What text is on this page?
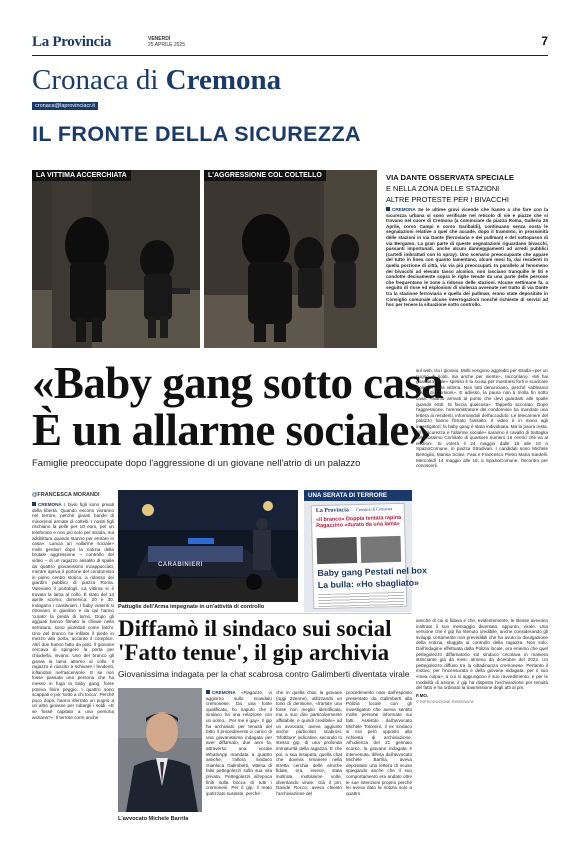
La Provincia	VENERDÌ
25 APRILE 2025	7
Cronaca di Cremona
cronaca@laprovinciacr.it
IL FRONTE DELLA SICUREZZA
LA VITTIMA ACCERCHIATA	L'AGGRESSIONE COL COLTELLO	VIA DANTE OSSERVATA SPECIALE
E NELLA ZONA DELLE STAZIONI
ALTRE PROTESTE PER I BIVACCHI
CREMONA Se le ultime gravi vicende che hanno a che fare con la sicurezza urbana si sono verificate nel reticolo di vie e piazze che si trovano nel cuore di Cremona (a cominciare da piazza Roma, Galleria 25 Aprile, corso Campi e corso Garibaldi), continuano senza sosta le segnalazioni relative a quel che accade, dopo il tramonto, in prossimità delle stazioni in via Dante (ferroviaria e dei pullman) e del sottopasso di via Bergamo. La gran parte di queste segnalazioni riguardano bivacchi, passanti importunati, anche alcuni danneggiamenti ad arredi pubblici (cartelli imbrattati con lo spray). Uno scenario preoccupante che appare del tutto in linea con quanto lamentano, alcuni mesi fa, dai residenti in quella porzione di città, via via più preoccupati. In parallelo al fenomeno dei bivacchi ad elevato tasso alcolico, non lasciano tranquille le liti e condotte decisamente sopra le righe tenute da una parte delle persone che frequentano le zone a ridosso delle stazioni. Alcune settimane fa, a seguito di risse ed esplosioni di violenza avvenute nel tratto di via Dante tra la stazione ferroviaria e quella dei pullman, erano state depositate in Consiglio comunale alcune interrogazioni nonché richieste di servizi ad hoc per tenere la situazione sotto controllo.
«Baby gang sotto casa
È un allarme sociale»
Famiglie preoccupate dopo l'aggressione di un giovane nell'atrio di un palazzo
@FRANCESCA MORANDI
CREMONA I bivio figli sono privati della libertà. Quando escono vivranno nel terrore, perché giranti bande di minorenni armate di coltelli. I nostri figli rischiano la pelle per 10 euro, per un telefonino e non più solo per strada, ma addirittura quando stanno per entrare in casa». Lancia un «allarme sociale» molti genitori dopo la notizia della brutale aggressione – controllo del video – di un ragazzo assalito di spalle da quattro giovanissimi incappucciati, mentre apriva il portone del condominio in pieno centro storico, a ridosso dei giardini pubblici di piazza Roma. Volevano il portafogli. La vittima si è trovato la lama al collo. È stato del 13 aprile scorso, domenica, 20 e 30. Indagano i carabinieri. I baby violenti si ritrovano in giardino e da qui hanno 'curato' la preda di turno. Dopo gli agguati hanno filmato la chiave nella serratura, sono piombati come falchi. Uno del branco ha infilato il piede in mezzo alla porta, accanto il complice. Altri due hanno fatto da palo. Il giovane cercava di spingere la porta per chiuderla, invano. Uno del branco gli girava la lama attorno al collo. Il ragazzo è riuscito a schivare i fendenti, inflandosi nell'ascensore. E se non fosse passata una persona che ha messo in fuga la baby gang, forse poteva finire peggio. I quattro sono scappati e poi 'sotto a chi tocca'. Perché poco dopo, hanno sferrato un pugno a un altro giovane per rubargli i soldi. «E se fosse capitato a una persona anziana?». Il terrore corre anche
CARABINIERI
Pattuglie dell'Arma impegnate in un'attività di controllo
UNA SERATA DI TERRORE
La Provincia Cronaca di Cremona
«Il branco» Doppia tentata rapina Ragazzino «durato da una lama»
Baby gang Pestati nel box
La bulla: «Ho sbagliato»
sul web, tra i giovani. Molti vengono aggrediti per strada «per un pugno di soldi, ma anche per niente», raccontano. «Mi hai guardato male» spesso è la scusa per mostrarsi forti e scaricare violenza sulla vittima. Non tutti denunciano, perché «abbiamo paura di ritorsioni». E adesso, la paura non ti molla fin sotto casa: «siamo arrivati al punto che devi guardarti alle spalle quando entri. Si faccia qualcosa». Tappello accorato. Dopo l'aggressione, l'amministratore del condominio ha mandato una lettera ai residenti, informandoli dell'accaduto. Le telecamere del palazzo hanno filmato l'assalto. Il video è in mano agli investigatori: la baby gang è stata individuata. Ma la paura resta. «Il insicurezza e l'allarme sociale» saranno il cavallo di battaglia del prossimo Comitato di quartiere numero 16 centro che va al elezioni. Si voterà il 24 maggio dalle 15 alle 19 a SpazioComune, in piazza Stradivari. I candidati sono Michele Bertoglio, Marisa Sclavi, Fata e Francesco Pietro Maria Sardelli. Mercoledì 14 maggio alle 18, a SpazioComune, l'incontro per conoscerli.
Diffamò il sindaco sui social
'Fatto tenue', il gip archivia
Giovanissima indagata per la chat scabrosa contro Galimberti diventata virale
L'avvocato Michele Barrila
CREMONA «Ragazze, vi aggiorno sullo scandalo cremonese. Da una fonte qualificata, ho saputo che il sindaco ha una relazione con un uomo... Per me è gay». Il gip ha archiviato per tenuità del fatto il procedimento a carico di una giovanissima indagata per aver diffamato, due anni fa, attraverso una vocale WhatsApp mandata a quattro amiche, l'allora sindaco Gianluca Galimberti, vittima di falsi pettegolezzi sulla sua vita privata. Pettegolezzi all'epoca finiti sulla bocca di tutti i cremonesi. Per il gip, il reato ipotizzato sussiste, perché
che in quella chat, la giovane (oggi 22enne), utilizzando un tono di derisione, «tramite una fonte non meglio identificata, ma a suo dire particolarmente affidabile, e quindi credibile» ad un avvocato, aveva aggiunto anche particolari scabrosi. 'Sfottiture' indicative, secondo lo stesso gip, di una profonda immaturità della ragazza. E che poi, a sua insaputa, quella chat che doveva rimanere nella stretta cerchia delle amiche fidate, era, invece, stata inoltrata moltissime volte, diventando virale. Già il pm, Davide Rocco, aveva chiesto l'archiviazione del
procedimento nato dall'esposto presentato da Galimberti alla Polizia locale con gli investigatori che aveva sentito molte persone informate sui fatti. Assistito dall'avvocato Michele Tolomini, il ex sindaco si era però opposto alla richiesta di archiviazione. All'udienza del 21 gennaio scorso, la giovane indagata è intervenuta, difesa dall'avvocato Michele Barrila, aveva depositato una lettera di scuse spiegando anche che il suo comportamento era andato oltre le sue intenzioni proprio perché lei aveva dato la notizia solo a quattro
amiche di cui si fidava e che, evidentemente, le stesse avevano inoltrato il suo messaggio diventato, appunto, virale. Una versione che il gip ha ritenuto credibile, anche considerando gli sviluppi certamente non prevedibili che ha avuto la divulgazione della notizia, sfuggita al controllo della ragazza. Non solo. Dall'indagine effettuata dalla Polizia locale, era emerso che quel pettegolezzo diffamatorio sul sindaco circolava in maniera strisciante già da mesi, almeno da dicembre del 2022. Un pettegolezzo diffuso tra la cittadinanza cremonese. Pertanto il motivo, per l'incensurata e della giovane indagata, per il suo «mea culpa», a cui si aggiungono il suo ravvedimento, e per le modalità di azione, il gip ha disposto l'archiviazione per tenuità del fatto e ha ordinato la trasmissione degli atti al pm.
F.MO.
© RIPRODUZIONE RISERVATA
